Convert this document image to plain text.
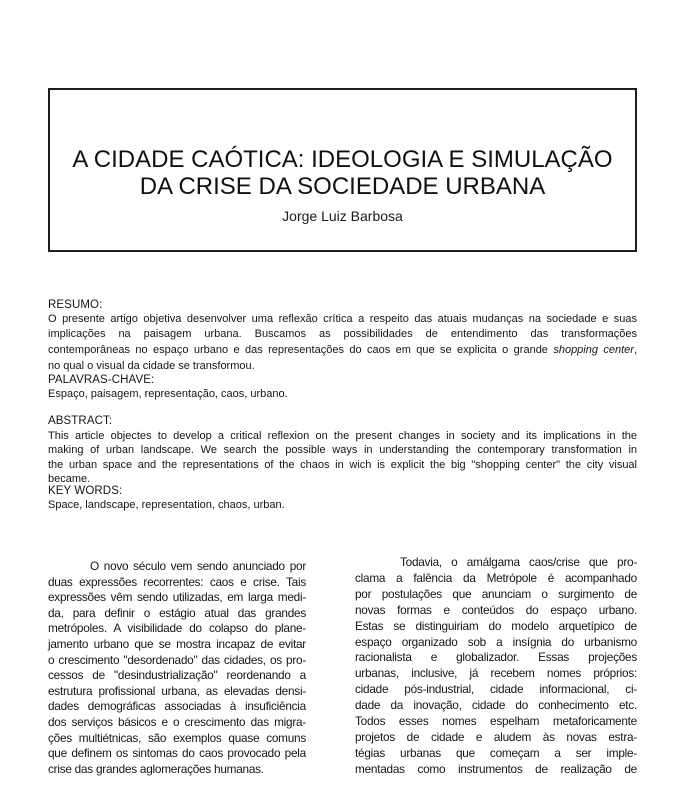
A CIDADE CAÓTICA: IDEOLOGIA E SIMULAÇÃO
DA CRISE DA SOCIEDADE URBANA
Jorge Luiz Barbosa
RESUMO:
O presente artigo objetiva desenvolver uma reflexão crítica a respeito das atuais mudanças na sociedade e suas
implicações na paisagem urbana. Buscamos as possibilidades de entendimento das transformações
contemporâneas no espaço urbano e das representações do caos em que se explicita o grande shopping center,
no qual o visual da cidade se transformou.
PALAVRAS-CHAVE:
Espaço, paisagem, representação, caos, urbano.
ABSTRACT:
This article objectes to develop a critical reflexion on the present changes in society and its implications in the
making of urban landscape. We search the possible ways in understanding the contemporary transformation in
the urban space and the representations of the chaos in wich is explicit the big "shopping center" the city visual
became.
KEY WORDS:
Space, landscape, representation, chaos, urban.
O novo século vem sendo anunciado por
duas expressões recorrentes: caos e crise. Tais
expressões vêm sendo utilizadas, em larga medi-
da, para definir o estágio atual das grandes
metrópoles. A visibilidade do colapso do plane-
jamento urbano que se mostra incapaz de evitar
o crescimento "desordenado" das cidades, os pro-
cessos de "desindustrialização" reordenando a
estrutura profissional urbana, as elevadas densi-
dades demográficas associadas à insuficiência
dos serviços básicos e o crescimento das migra-
ções multiétnicas, são exemplos quase comuns
que definem os sintomas do caos provocado pela
crise das grandes aglomerações humanas.
Todavia, o amálgama caos/crise que pro-
clama a falência da Metrópole é acompanhado
por postulações que anunciam o surgimento de
novas formas e conteúdos do espaço urbano.
Estas se distinguiriam do modelo arquetípico de
espaço organizado sob a insígnia do urbanismo
racionalista e globalizador. Essas projeções
urbanas, inclusive, já recebem nomes próprios:
cidade pós-industrial, cidade informacional, ci-
dade da inovação, cidade do conhecimento etc.
Todos esses nomes espelham metaforicamente
projetos de cidade e aludem às novas estra-
tégias urbanas que começam a ser imple-
mentadas como instrumentos de realização de
